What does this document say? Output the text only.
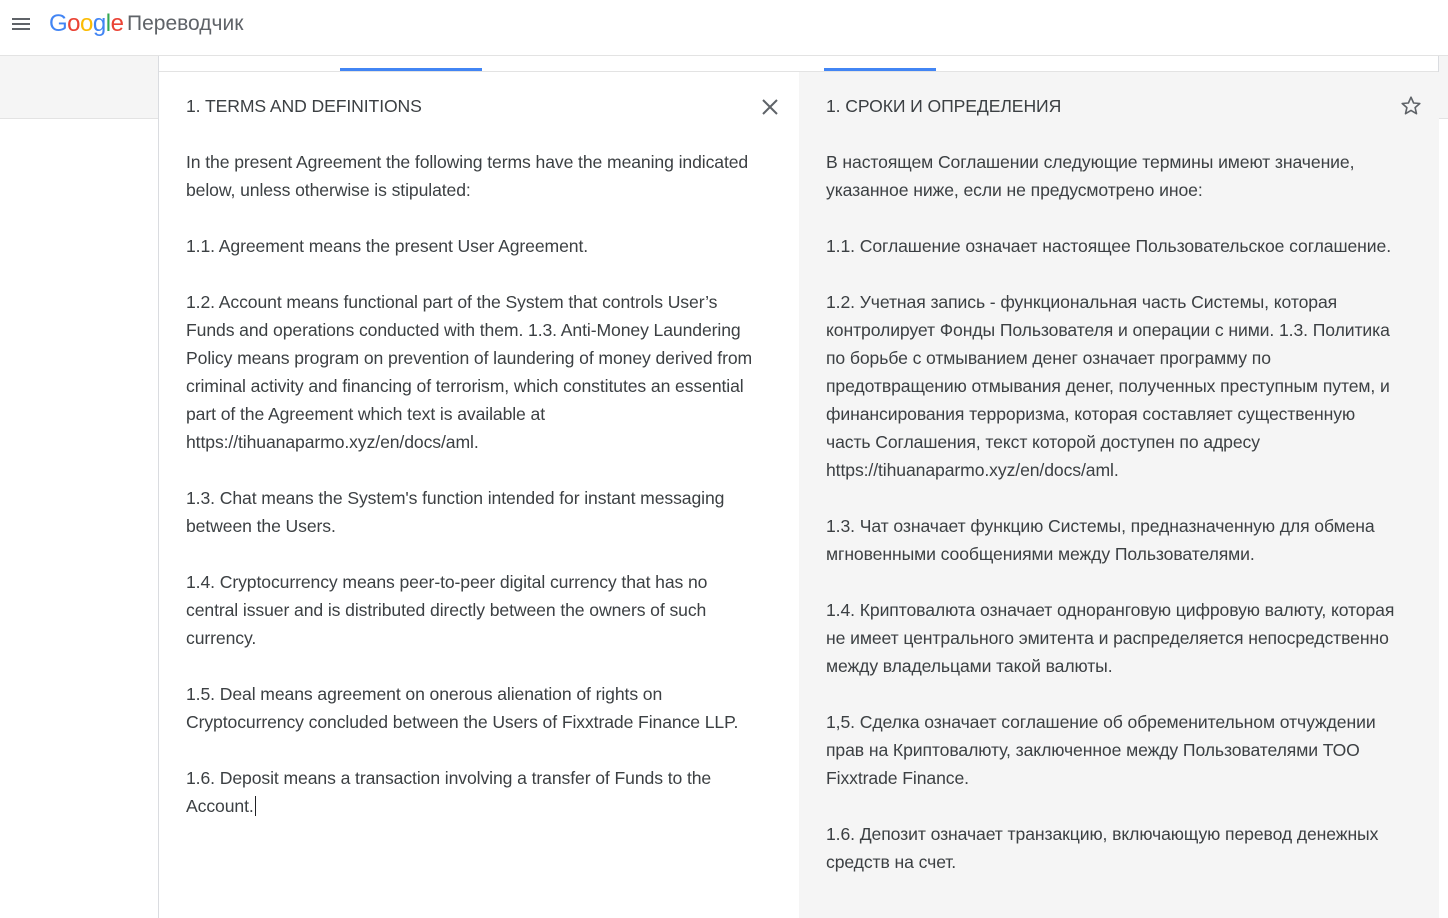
Google Переводчик

1. TERMS AND DEFINITIONS

In the present Agreement the following terms have the meaning indicated below, unless otherwise is stipulated:

1.1. Agreement means the present User Agreement.

1.2. Account means functional part of the System that controls User’s Funds and operations conducted with them. 1.3. Anti-Money Laundering Policy means program on prevention of laundering of money derived from criminal activity and financing of terrorism, which constitutes an essential part of the Agreement which text is available at https://tihuanaparmo.xyz/en/docs/aml.

1.3. Chat means the System's function intended for instant messaging between the Users.

1.4. Cryptocurrency means peer-to-peer digital currency that has no central issuer and is distributed directly between the owners of such currency.

1.5. Deal means agreement on onerous alienation of rights on Cryptocurrency concluded between the Users of Fixxtrade Finance LLP.

1.6. Deposit means a transaction involving a transfer of Funds to the Account.

1. СРОКИ И ОПРЕДЕЛЕНИЯ

В настоящем Соглашении следующие термины имеют значение, указанное ниже, если не предусмотрено иное:

1.1. Соглашение означает настоящее Пользовательское соглашение.

1.2. Учетная запись - функциональная часть Системы, которая контролирует Фонды Пользователя и операции с ними. 1.3. Политика по борьбе с отмыванием денег означает программу по предотвращению отмывания денег, полученных преступным путем, и финансирования терроризма, которая составляет существенную часть Соглашения, текст которой доступен по адресу https://tihuanaparmo.xyz/en/docs/aml.

1.3. Чат означает функцию Системы, предназначенную для обмена мгновенными сообщениями между Пользователями.

1.4. Криптовалюта означает одноранговую цифровую валюту, которая не имеет центрального эмитента и распределяется непосредственно между владельцами такой валюты.

1,5. Сделка означает соглашение об обременительном отчуждении прав на Криптовалюту, заключенное между Пользователями ТОО Fixxtrade Finance.

1.6. Депозит означает транзакцию, включающую перевод денежных средств на счет.
